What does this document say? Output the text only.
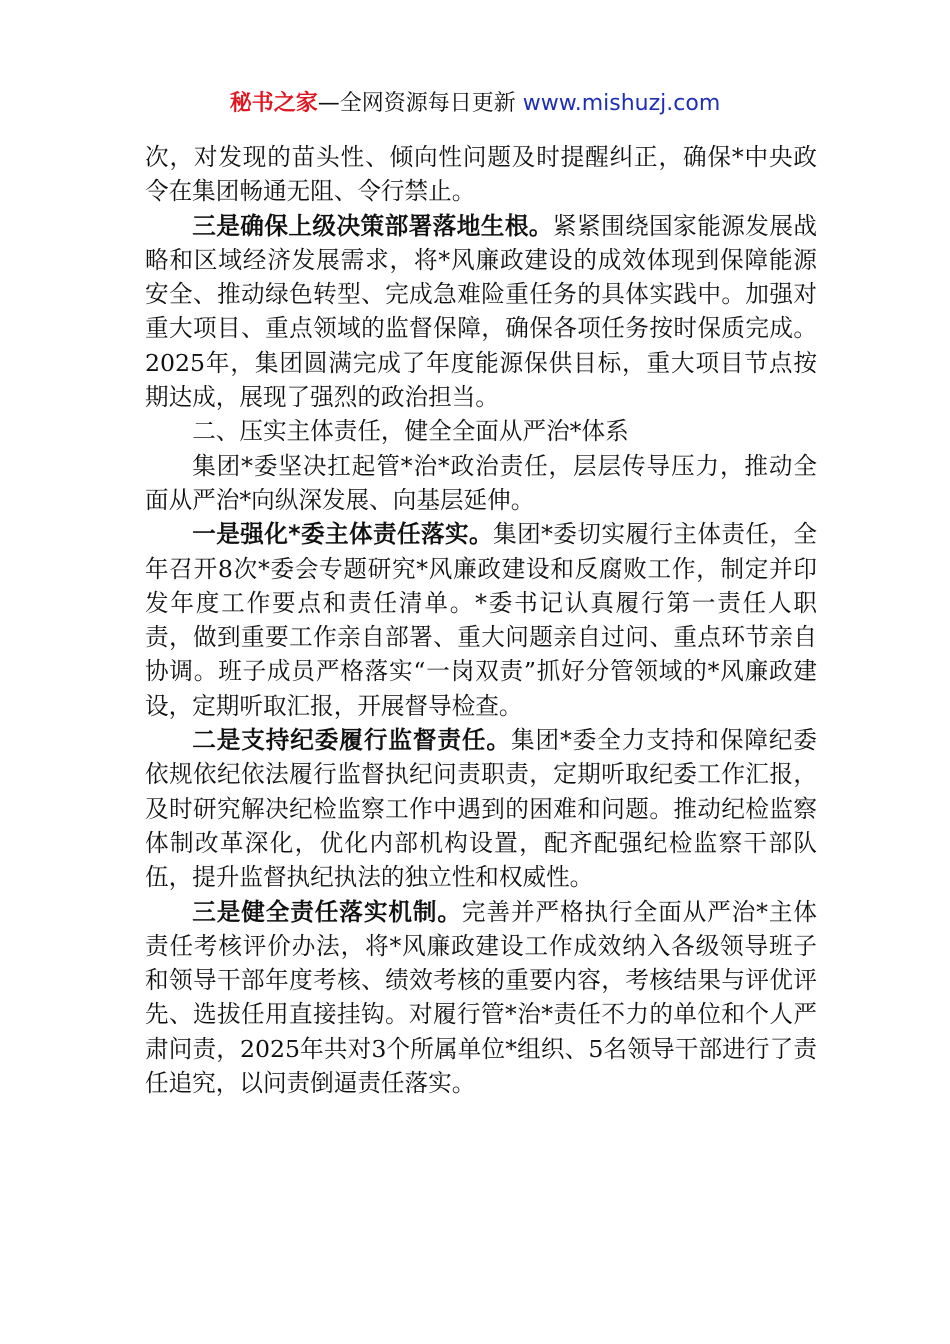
秘书之家—全网资源每日更新 www.mishuzj.com

次，对发现的苗头性、倾向性问题及时提醒纠正，确保*中央政令在集团畅通无阻、令行禁止。

三是确保上级决策部署落地生根。紧紧围绕国家能源发展战略和区域经济发展需求，将*风廉政建设的成效体现到保障能源安全、推动绿色转型、完成急难险重任务的具体实践中。加强对重大项目、重点领域的监督保障，确保各项任务按时保质完成。2025年，集团圆满完成了年度能源保供目标，重大项目节点按期达成，展现了强烈的政治担当。

二、压实主体责任，健全全面从严治*体系

集团*委坚决扛起管*治*政治责任，层层传导压力，推动全面从严治*向纵深发展、向基层延伸。

一是强化*委主体责任落实。集团*委切实履行主体责任，全年召开8次*委会专题研究*风廉政建设和反腐败工作，制定并印发年度工作要点和责任清单。*委书记认真履行第一责任人职责，做到重要工作亲自部署、重大问题亲自过问、重点环节亲自协调。班子成员严格落实“一岗双责”抓好分管领域的*风廉政建设，定期听取汇报，开展督导检查。

二是支持纪委履行监督责任。集团*委全力支持和保障纪委依规依纪依法履行监督执纪问责职责，定期听取纪委工作汇报，及时研究解决纪检监察工作中遇到的困难和问题。推动纪检监察体制改革深化，优化内部机构设置，配齐配强纪检监察干部队伍，提升监督执纪执法的独立性和权威性。

三是健全责任落实机制。完善并严格执行全面从严治*主体责任考核评价办法，将*风廉政建设工作成效纳入各级领导班子和领导干部年度考核、绩效考核的重要内容，考核结果与评优评先、选拔任用直接挂钩。对履行管*治*责任不力的单位和个人严肃问责，2025年共对3个所属单位*组织、5名领导干部进行了责任追究，以问责倒逼责任落实。
